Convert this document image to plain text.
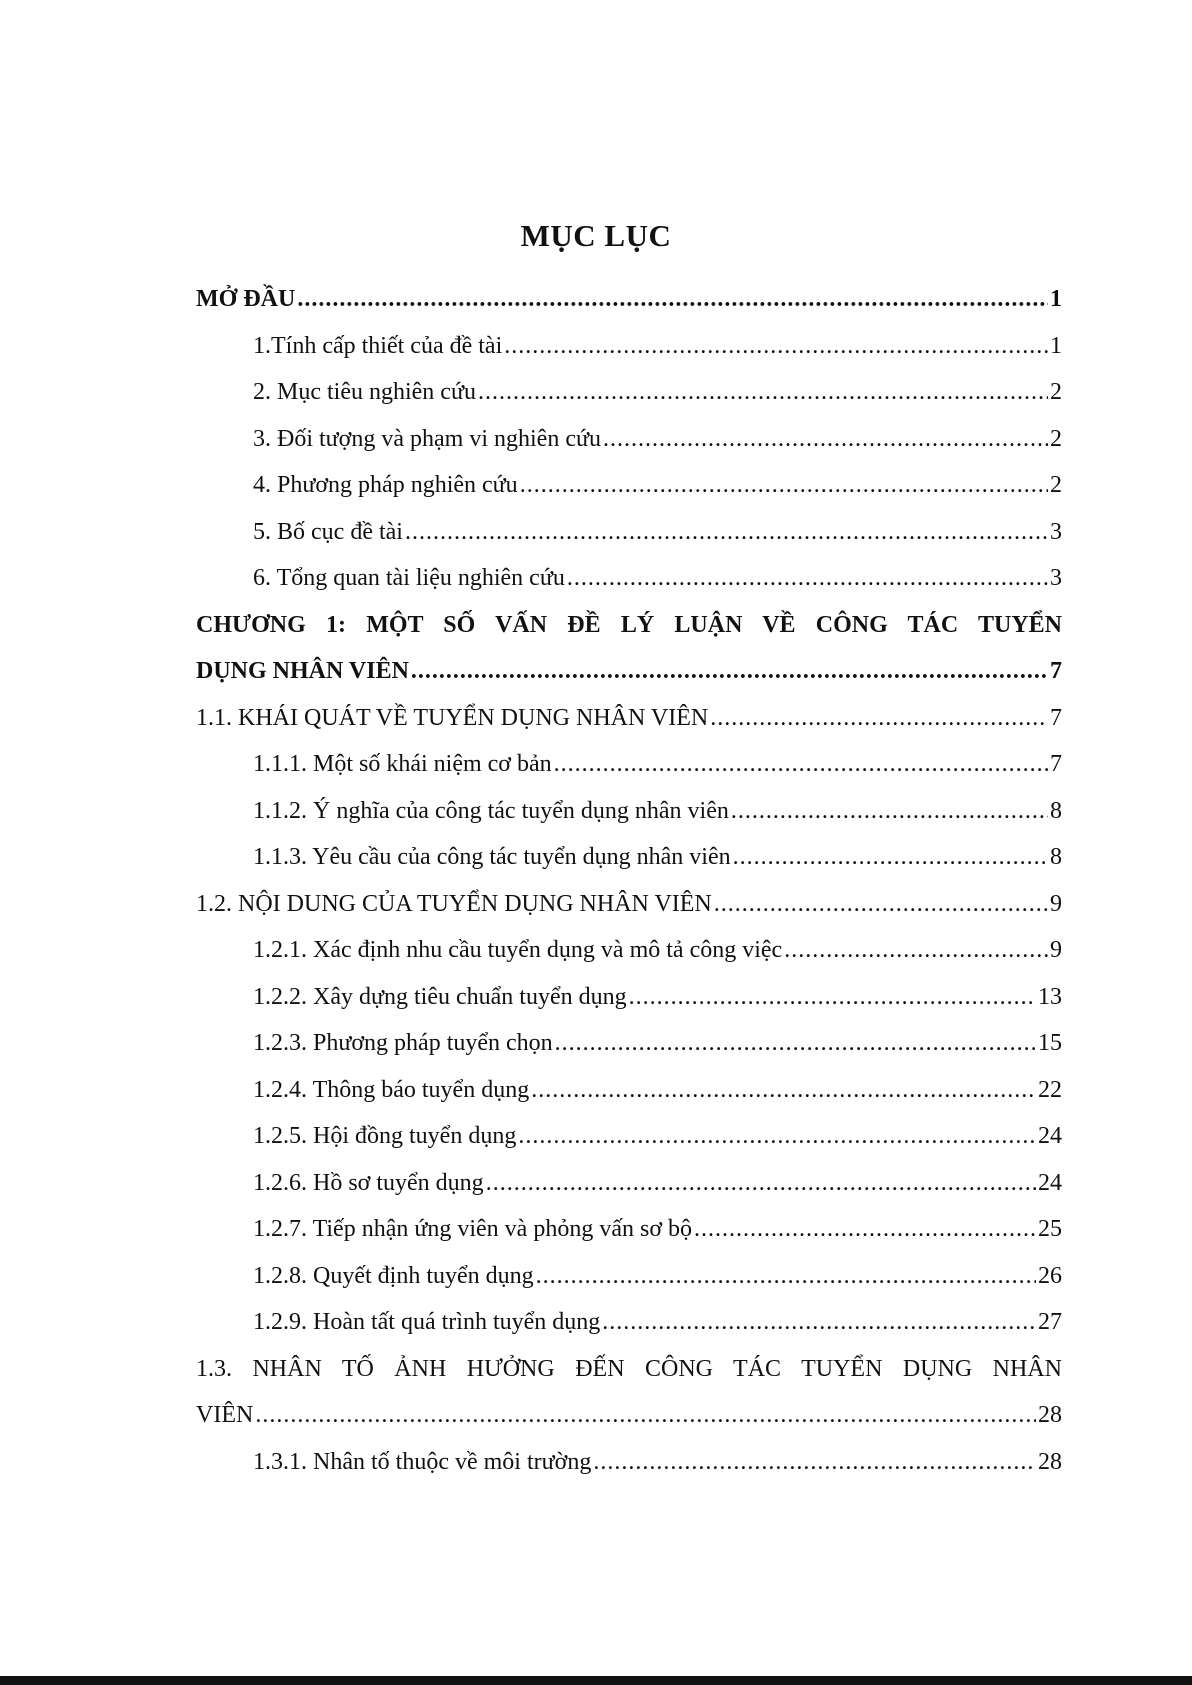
MỤC LỤC
MỞ ĐẦU .....	1
1.Tính cấp thiết của đề tài .....	1
2. Mục tiêu nghiên cứu .....	2
3. Đối tượng và phạm vi nghiên cứu .....	2
4. Phương pháp nghiên cứu .....	2
5. Bố cục đề tài .....	3
6. Tổng quan tài liệu nghiên cứu .....	3
CHƯƠNG 1: MỘT SỐ VẤN ĐỀ LÝ LUẬN VỀ CÔNG TÁC TUYỂN
DỤNG NHÂN VIÊN .....	7
1.1. KHÁI QUÁT VỀ TUYỂN DỤNG NHÂN VIÊN .....	7
1.1.1. Một số khái niệm cơ bản .....	7
1.1.2. Ý nghĩa của công tác tuyển dụng nhân viên .....	8
1.1.3. Yêu cầu của công tác tuyển dụng nhân viên .....	8
1.2. NỘI DUNG CỦA TUYỂN DỤNG NHÂN VIÊN .....	9
1.2.1. Xác định nhu cầu tuyển dụng và mô tả công việc .....	9
1.2.2. Xây dựng tiêu chuẩn tuyển dụng .....	13
1.2.3. Phương pháp tuyển chọn .....	15
1.2.4. Thông báo tuyển dụng .....	22
1.2.5. Hội đồng tuyển dụng .....	24
1.2.6. Hồ sơ tuyển dụng .....	24
1.2.7. Tiếp nhận ứng viên và phỏng vấn sơ bộ .....	25
1.2.8. Quyết định tuyển dụng .....	26
1.2.9. Hoàn tất quá trình tuyển dụng .....	27
1.3. NHÂN TỐ ẢNH HƯỞNG ĐẾN CÔNG TÁC TUYỂN DỤNG NHÂN
VIÊN .....	28
1.3.1. Nhân tố thuộc về môi trường .....	28
